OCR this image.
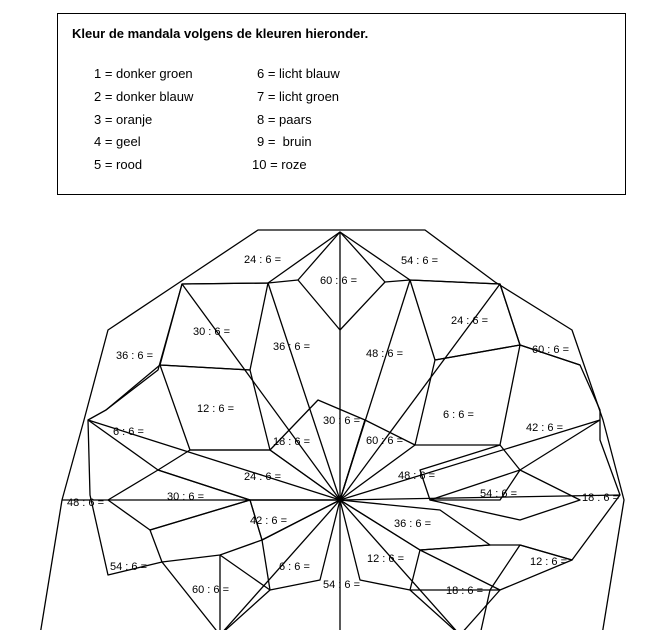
Kleur de mandala volgens de kleuren hieronder.
1 = donker groen
2 = donker blauw
3 = oranje
4 = geel
5 = rood
6 = licht blauw
7 = licht groen
8 = paars
9 =  bruin
10 = roze
24 : 6 =	54 : 6 =
60 : 6 =
30 : 6 =
24 : 6 =
36 : 6 =
48 : 6 =
36 : 6 =	60 : 6 =
12 : 6 =	6 : 6 =
30 : 6 =
6 : 6 =	42 : 6 =
18 : 6 =	60 : 6 =
24 : 6 =	48 : 6 =
30 : 6 =	54 : 6 =
48 : 6 =	18 : 6 =
42 : 6 =	36 : 6 =
12 : 6 =
54 : 6 =	12 : 6 =
6 : 6 =
60 : 6 =	54 : 6 =	18 : 6 =
